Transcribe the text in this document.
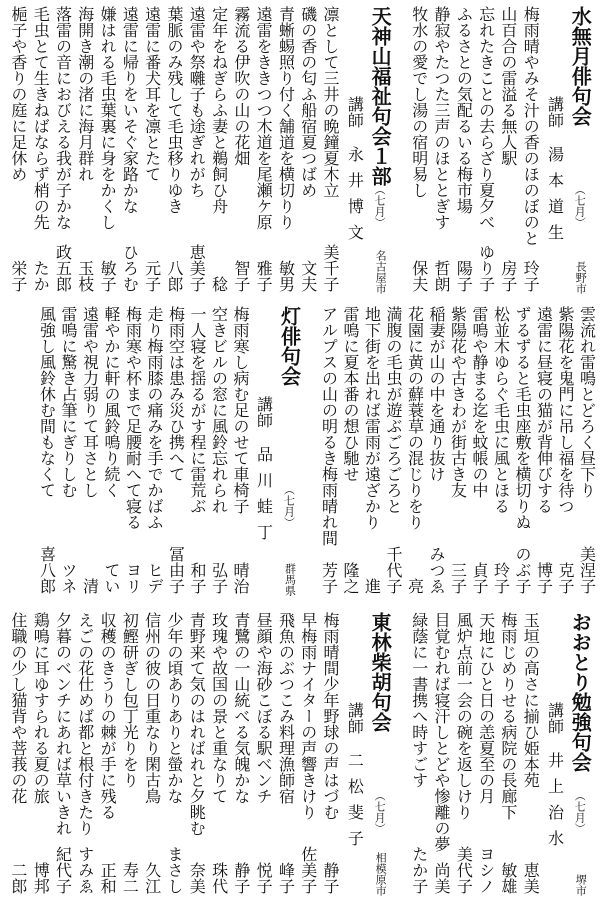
水無月俳句会
（七月）
長野市
講師
湯本道生
梅雨晴やみそ汁の香のほのぼのと
玲子
山百合の雷溢る無人駅
房子
忘れたきことの去らざり夏夕べ
ゆり子
ふるさとの気配るいる梅市場
陽子
静寂やたつた三声のほととぎす
哲朗
牧水の愛でし湯の宿明易し
保夫
天神山福祉句会１部
（七月）
名古屋市
講師
永井博文
凛として三井の晩鐘夏木立
美千子
磯の香の匂ふ船宿夏つばめ
文夫
青蜥蜴照り付く舗道を横切りり
敏男
遠雷をききつつ木道を尾瀬ケ原
雅子
霧流る伊吹の山の花畑
智子
定年をねぎらふ妻と鵜飼ひ舟
稔
遠雷や祭囃子も途ぎれがち
恵美子
葉脈のみ残して毛虫移りゆき
八郎
遠雷に番犬耳を凛とたて
元子
遠雷に帰りをいそぐ家路かな
ひろむ
嫌はれる毛虫葉裏に身をかくし
敏子
海開き潮の渚に海月群れ
玉枝
落雷の音におびえる我が子かな
政五郎
毛虫とて生きねばならず梢の先
たか
梔子や香りの庭に足休め
栄子
雲流れ雷鳴とどろく昼下り
美涅子
紫陽花を鬼門に吊し福を待つ
克子
遠雷に昼寝の猫が背伸びする
博子
ずるずると毛虫座敷を横切りぬ
のぶ子
松並木ゆらぐ毛虫に風とほる
玲子
雷鳴や静まる迄を蚊帳の中
貞子
紫陽花や古きわが街古き友
三子
稲妻が山の中を通り抜け
みつゑ
花園に黄の蘚蓑草の混じりをり
亮
満腹の毛虫が遊ぶごろごろと
千代子
地下街を出れば雷雨が遠ざかり
進
雷鳴に夏本番の想ひ馳せ
隆之
アルプスの山の明るき梅雨晴れ間
芳子
灯俳句会
（七月）
群馬県
講師
品川蛙丁
梅雨寒し病む足のせて車椅子
晴治
空きビルの窓に風鈴忘れられ
弘子
一人寝を揺るがす程に雷荒ぶ
和子
梅雨空は患み災ひ携へて
冨由子
走り梅雨膝の痛みを手でかばふ
ヒデ
梅雨寒や杯まで足腰耐へて寝る
ヨリ
軽やかに軒の風鈴鳴り続く
てい
遠雷や視力弱りて耳さとし
清
雷鳴に驚き占筆にぎりしむ
ツネ
風強し風鈴休む間もなくて
喜八郎
おおとり勉強句会
（七月）
堺市
講師
井上治水
玉垣の高さに揃ひ姫本苑
恵美
梅雨じめりせる病院の長廊下
敏雄
天地にひと日の恙夏至の月
ヨシノ
風炉点前一会の碗を返しけり
美代子
目覚むれば寝汗しとどや惨離の夢
尚美
緑蔭に一書携へ時すごす
たか子
東林柴胡句会
（七月）
相模原市
講師
二松斐子
梅雨晴間少年野球の声はづむ
静子
早梅雨ナイターの声響きけり
佐美子
飛魚のぶつこみ料理漁師宿
峰子
昼顔や海砂こぼる駅ベンチ
悦子
青鷺の一山統べる気魄かな
静子
玫瑰や故国の景と重なりて
珠代
青野来て気のはればれと夕眺む
奈美
少年の頃ありありと螢かな
まさし
信州の彼の日重なり閑古鳥
久江
初鰹研ぎし包丁光りをり
寿二
収穫のきうりの棘が手に残る
正和
えごの花仕めば都と根付きたり
すみゑ
夕暮のベンチにあれば草いきれ
紀代子
鶏鳴に耳ゆすられる夏の旅
博邦
住職の少し猫背や菩莪の花
二郎
